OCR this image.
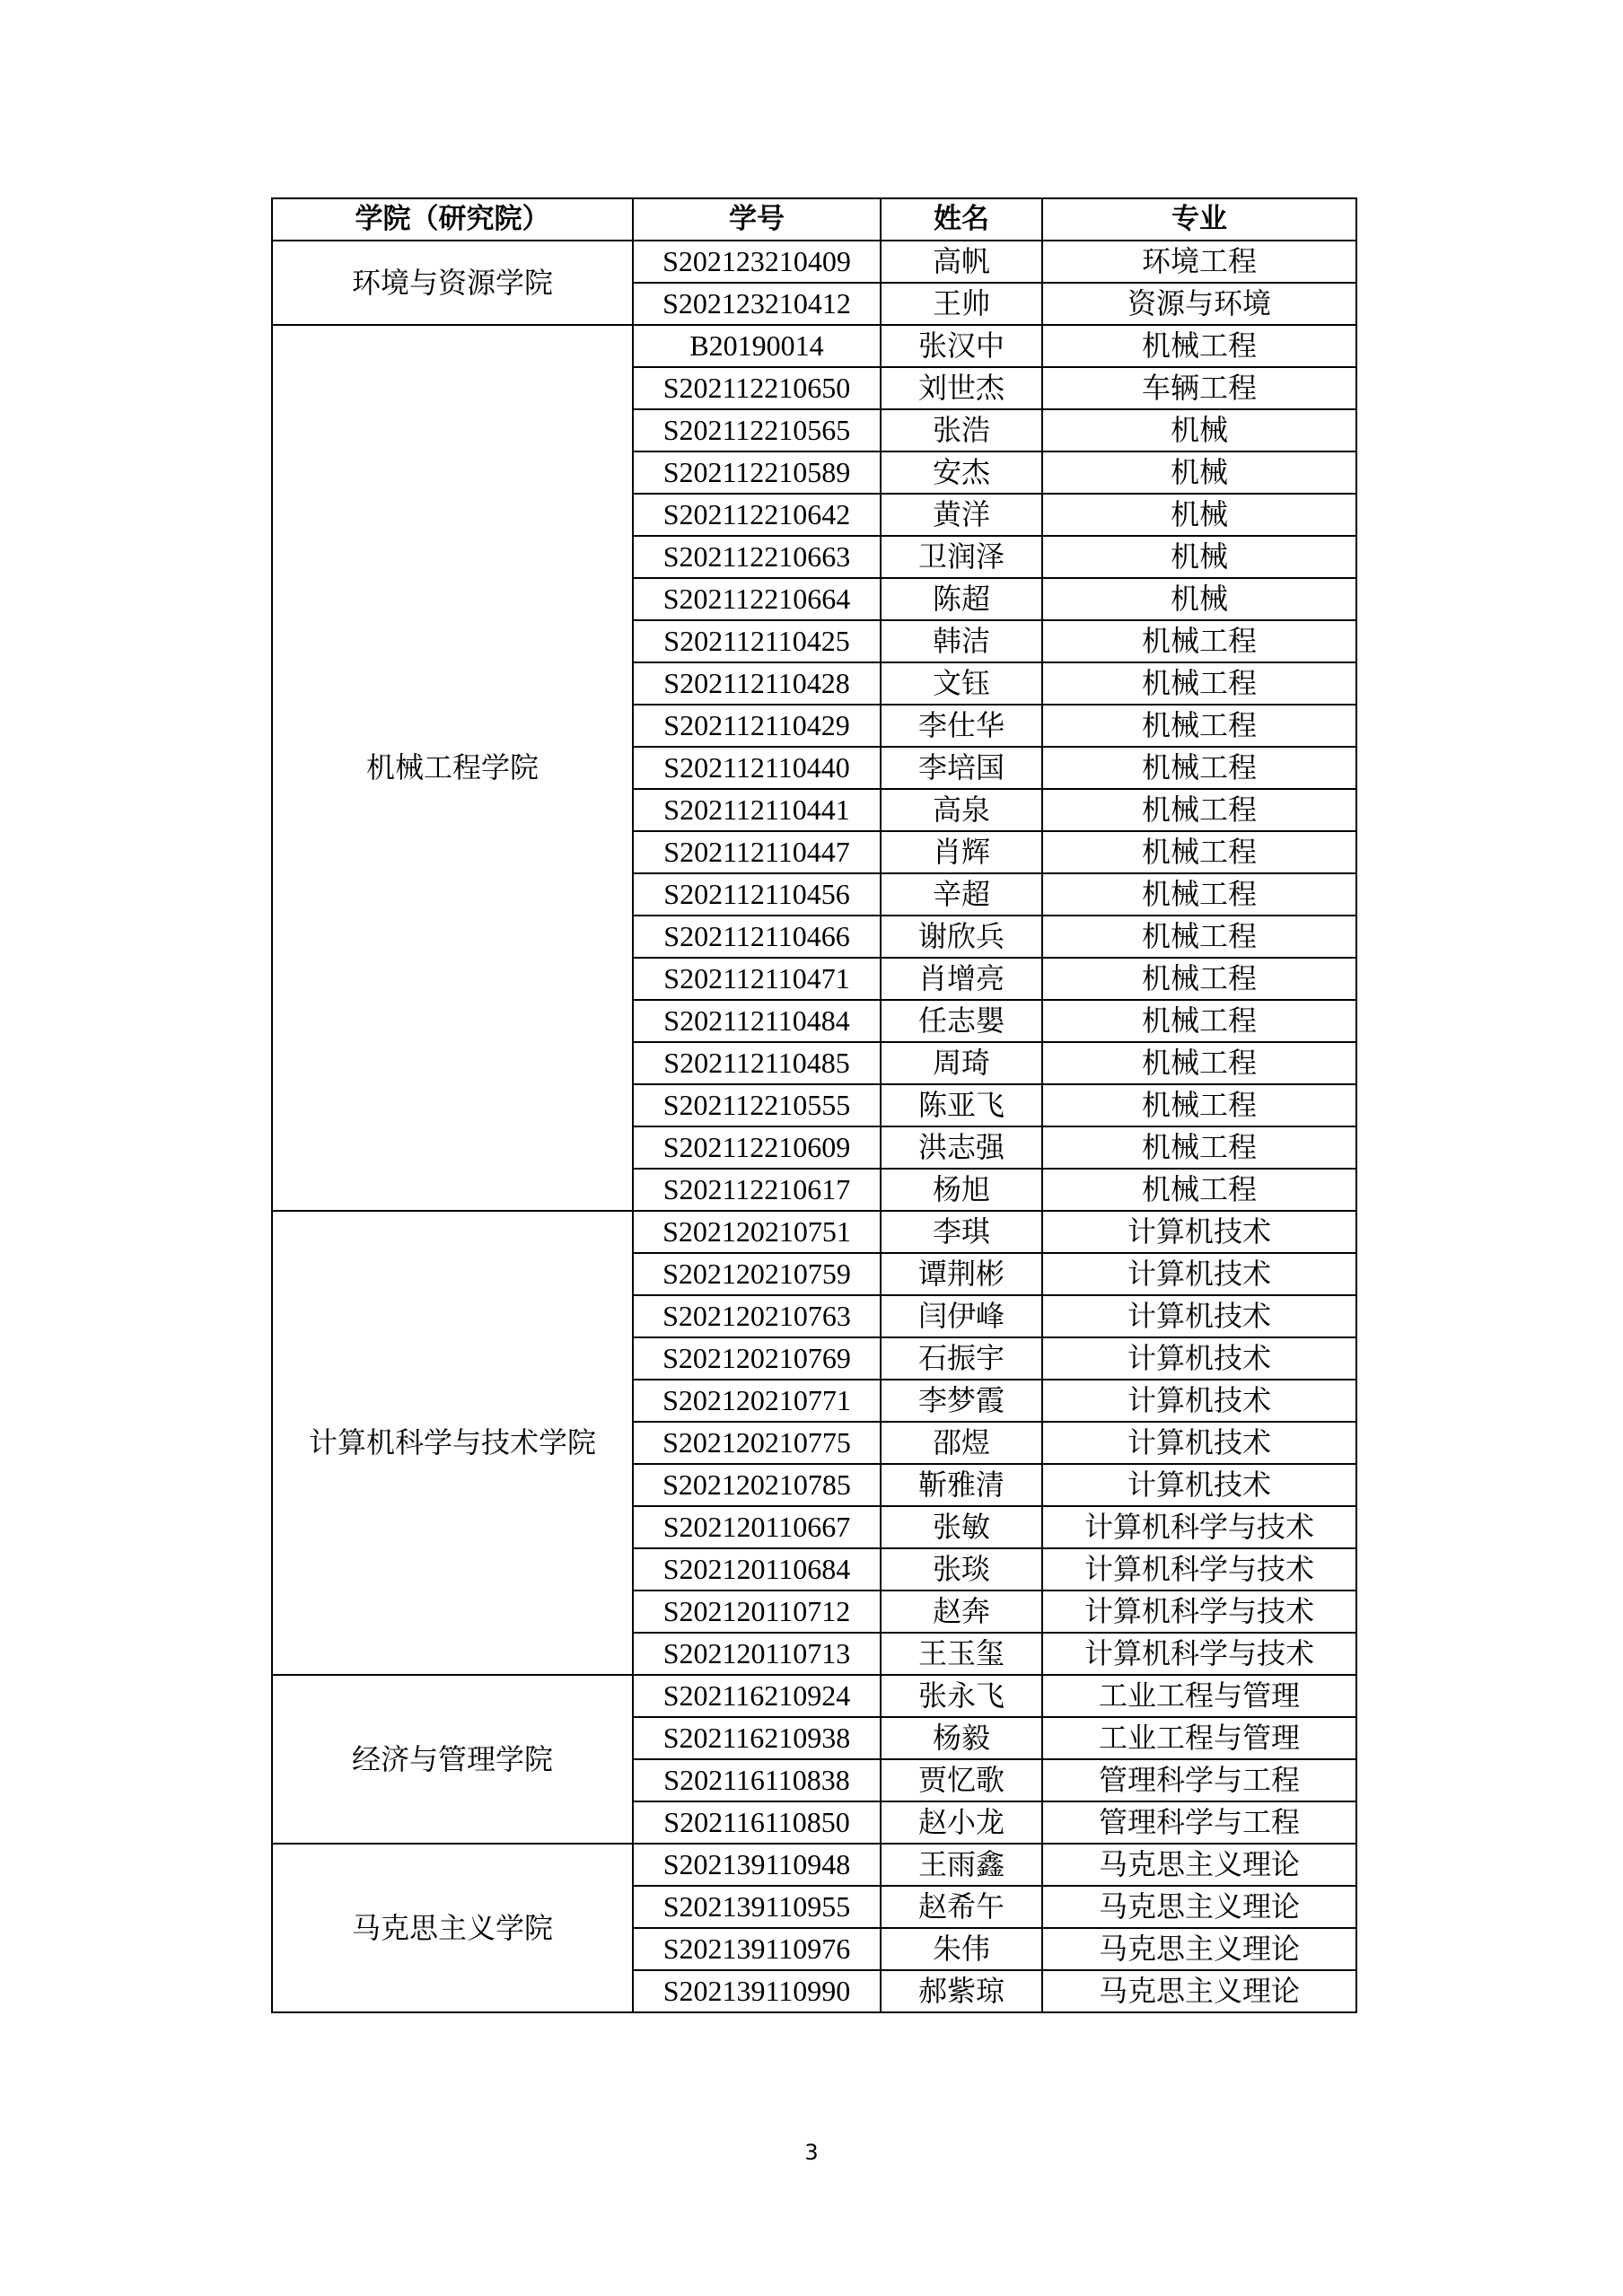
学院（研究院）	学号	姓名	专业
环境与资源学院	S202123210409	高帆	环境工程
	S202123210412	王帅	资源与环境
机械工程学院	B20190014	张汉中	机械工程
	S202112210650	刘世杰	车辆工程
	S202112210565	张浩	机械
	S202112210589	安杰	机械
	S202112210642	黄洋	机械
	S202112210663	卫润泽	机械
	S202112210664	陈超	机械
	S202112110425	韩洁	机械工程
	S202112110428	文钰	机械工程
	S202112110429	李仕华	机械工程
	S202112110440	李培国	机械工程
	S202112110441	高泉	机械工程
	S202112110447	肖辉	机械工程
	S202112110456	辛超	机械工程
	S202112110466	谢欣兵	机械工程
	S202112110471	肖增亮	机械工程
	S202112110484	任志嬰	机械工程
	S202112110485	周琦	机械工程
	S202112210555	陈亚飞	机械工程
	S202112210609	洪志强	机械工程
	S202112210617	杨旭	机械工程
计算机科学与技术学院	S202120210751	李琪	计算机技术
	S202120210759	谭荆彬	计算机技术
	S202120210763	闫伊峰	计算机技术
	S202120210769	石振宇	计算机技术
	S202120210771	李梦霞	计算机技术
	S202120210775	邵煜	计算机技术
	S202120210785	靳雅清	计算机技术
	S202120110667	张敏	计算机科学与技术
	S202120110684	张琰	计算机科学与技术
	S202120110712	赵奔	计算机科学与技术
	S202120110713	王玉玺	计算机科学与技术
经济与管理学院	S202116210924	张永飞	工业工程与管理
	S202116210938	杨毅	工业工程与管理
	S202116110838	贾忆歌	管理科学与工程
	S202116110850	赵小龙	管理科学与工程
马克思主义学院	S202139110948	王雨鑫	马克思主义理论
	S202139110955	赵希午	马克思主义理论
	S202139110976	朱伟	马克思主义理论
	S202139110990	郝紫琼	马克思主义理论
3
